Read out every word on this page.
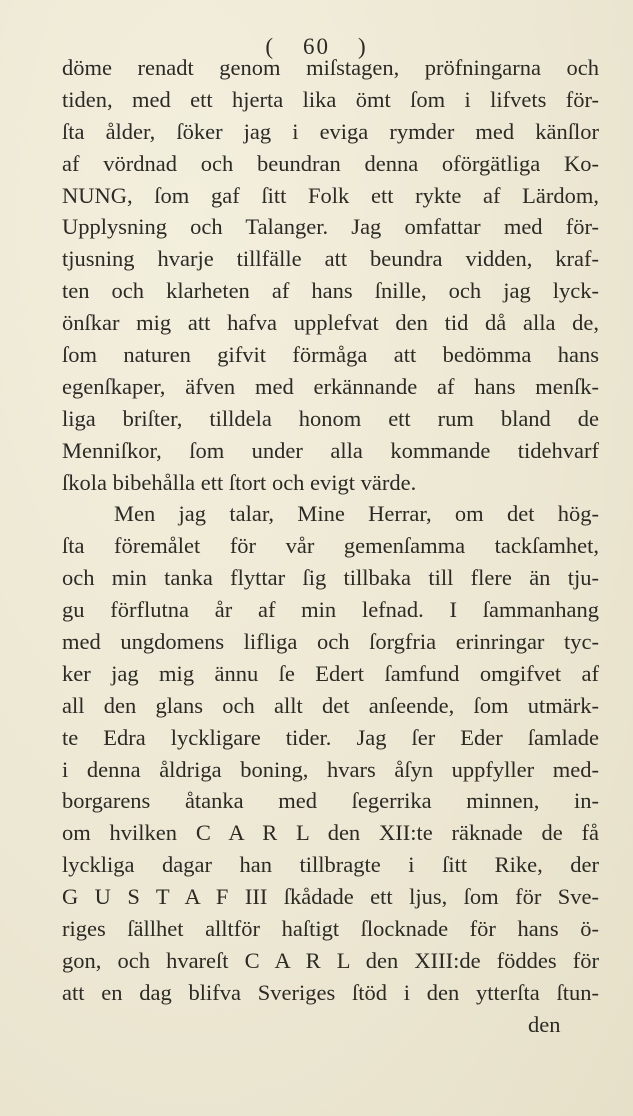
( 60 )
döme renadt genom miſstagen, pröfningarna och
tiden, med ett hjerta lika ömt ſom i lifvets för-
ſta ålder, ſöker jag i eviga rymder med känſlor
af vördnad och beundran denna oförgätliga Ko-
NUNG, ſom gaf ſitt Folk ett rykte af Lärdom,
Upplysning och Talanger. Jag omfattar med för-
tjusning hvarje tillfälle att beundra vidden, kraf-
ten och klarheten af hans ſnille, och jag lyck-
önſkar mig att hafva upplefvat den tid då alla de,
ſom naturen gifvit förmåga att bedömma hans
egenſkaper, äfven med erkännande af hans menſk-
liga briſter, tilldela honom ett rum bland de
Menniſkor, ſom under alla kommande tidehvarf
ſkola bibehålla ett ſtort och evigt värde.
Men jag talar, Mine Herrar, om det hög-
ſta föremålet för vår gemenſamma tackſamhet,
och min tanka flyttar ſig tillbaka till flere än tju-
gu förflutna år af min lefnad. I ſammanhang
med ungdomens lifliga och ſorgfria erinringar tyc-
ker jag mig ännu ſe Edert ſamfund omgifvet af
all den glans och allt det anſeende, ſom utmärk-
te Edra lyckligare tider. Jag ſer Eder ſamlade
i denna åldriga boning, hvars åſyn uppfyller med-
borgarens åtanka med ſegerrika minnen, in-
om hvilken C A R L den XII:te räknade de få
lyckliga dagar han tillbragte i ſitt Rike, der
G U S T A F III ſkådade ett ljus, ſom för Sve-
riges ſällhet alltför haſtigt ſlocknade för hans ö-
gon, och hvareſt C A R L den XIII:de föddes för
att en dag blifva Sveriges ſtöd i den ytterſta ſtun-
den
